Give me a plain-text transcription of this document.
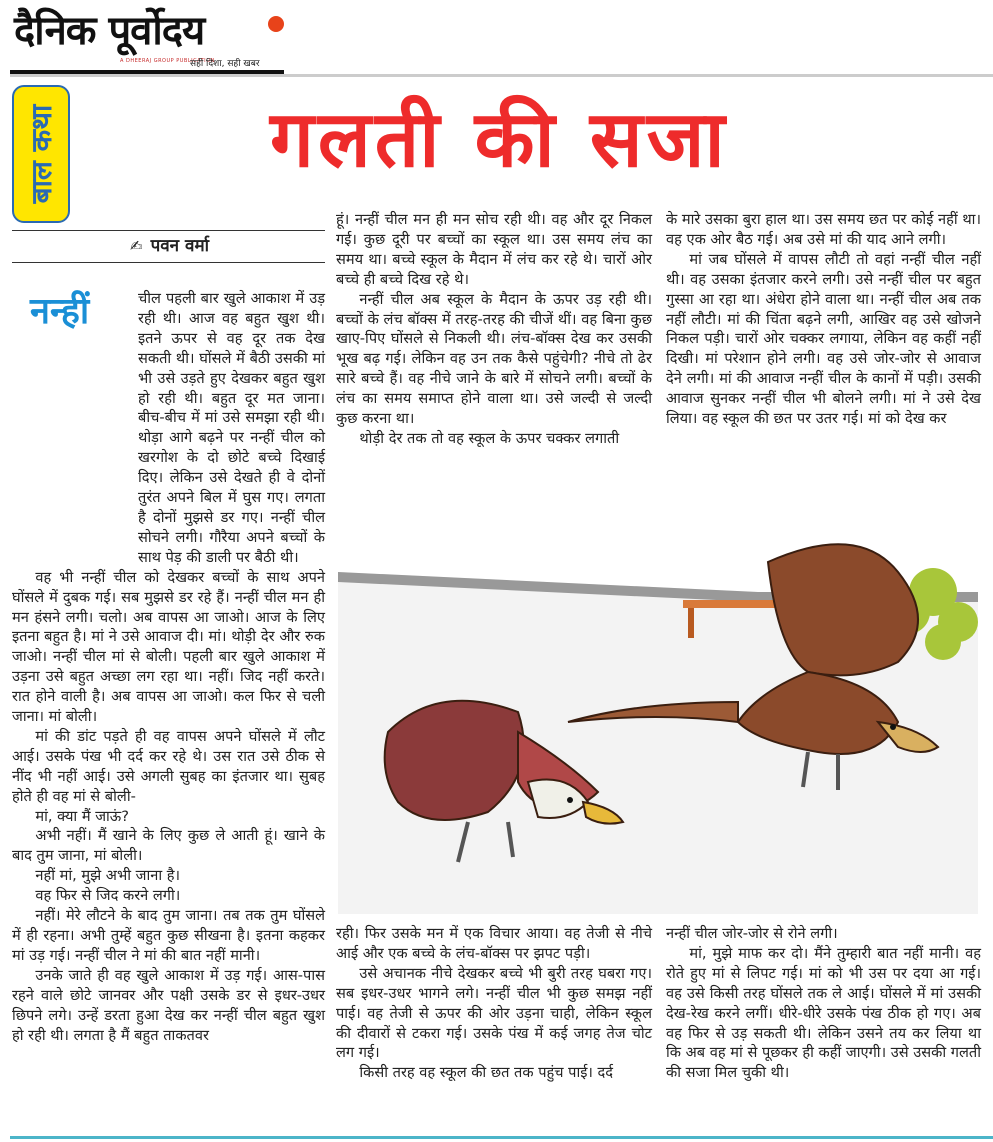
दैनिक पूर्वोदय
A DHEERAJ GROUP PUBLICATION
सही दिशा, सही खबर
बाल कथा	गलती की सजा
✍ पवन वर्मा
नन्हीं	चील पहली बार खुले आकाश में उड़ रही थी। आज वह बहुत खुश थी। इतने ऊपर से वह दूर तक देख सकती थी। घोंसले में बैठी उसकी मां भी उसे उड़ते हुए देखकर बहुत खुश हो रही थी। बहुत दूर मत जाना। बीच-बीच में मां उसे समझा रही थी। थोड़ा आगे बढ़ने पर नन्हीं चील को खरगोश के दो छोटे बच्चे दिखाई दिए। लेकिन उसे देखते ही वे दोनों तुरंत अपने बिल में घुस गए। लगता है दोनों मुझसे डर गए। नन्हीं चील सोचने लगी। गौरैया अपने बच्चों के साथ पेड़ की डाली पर बैठी थी।

वह भी नन्हीं चील को देखकर बच्चों के साथ अपने घोंसले में दुबक गई। सब मुझसे डर रहे हैं। नन्हीं चील मन ही मन हंसने लगी। चलो। अब वापस आ जाओ। आज के लिए इतना बहुत है। मां ने उसे आवाज दी। मां। थोड़ी देर और रुक जाओ। नन्हीं चील मां से बोली। पहली बार खुले आकाश में उड़ना उसे बहुत अच्छा लग रहा था। नहीं। जिद नहीं करते। रात होने वाली है। अब वापस आ जाओ। कल फिर से चली जाना। मां बोली।

मां की डांट पड़ते ही वह वापस अपने घोंसले में लौट आई। उसके पंख भी दर्द कर रहे थे। उस रात उसे ठीक से नींद भी नहीं आई। उसे अगली सुबह का इंतजार था। सुबह होते ही वह मां से बोली-

मां, क्या मैं जाऊं?

अभी नहीं। मैं खाने के लिए कुछ ले आती हूं। खाने के बाद तुम जाना, मां बोली।

नहीं मां, मुझे अभी जाना है।

वह फिर से जिद करने लगी।

नहीं। मेरे लौटने के बाद तुम जाना। तब तक तुम घोंसले में ही रहना। अभी तुम्हें बहुत कुछ सीखना है। इतना कहकर मां उड़ गई। नन्हीं चील ने मां की बात नहीं मानी।

उनके जाते ही वह खुले आकाश में उड़ गई। आस-पास रहने वाले छोटे जानवर और पक्षी उसके डर से इधर-उधर छिपने लगे। उन्हें डरता हुआ देख कर नन्हीं चील बहुत खुश हो रही थी। लगता है मैं बहुत ताकतवर

हूं। नन्हीं चील मन ही मन सोच रही थी। वह और दूर निकल गई। कुछ दूरी पर बच्चों का स्कूल था। उस समय लंच का समय था। बच्चे स्कूल के मैदान में लंच कर रहे थे। चारों ओर बच्चे ही बच्चे दिख रहे थे।

नन्हीं चील अब स्कूल के मैदान के ऊपर उड़ रही थी। बच्चों के लंच बॉक्स में तरह-तरह की चीजें थीं। वह बिना कुछ खाए-पिए घोंसले से निकली थी। लंच-बॉक्स देख कर उसकी भूख बढ़ गई। लेकिन वह उन तक कैसे पहुंचेगी? नीचे तो ढेर सारे बच्चे हैं। वह नीचे जाने के बारे में सोचने लगी। बच्चों के लंच का समय समाप्त होने वाला था। उसे जल्दी से जल्दी कुछ करना था।

थोड़ी देर तक तो वह स्कूल के ऊपर चक्कर लगाती

के मारे उसका बुरा हाल था। उस समय छत पर कोई नहीं था। वह एक ओर बैठ गई। अब उसे मां की याद आने लगी।

मां जब घोंसले में वापस लौटी तो वहां नन्हीं चील नहीं थी। वह उसका इंतजार करने लगी। उसे नन्हीं चील पर बहुत गुस्सा आ रहा था। अंधेरा होने वाला था। नन्हीं चील अब तक नहीं लौटी। मां की चिंता बढ़ने लगी, आखिर वह उसे खोजने निकल पड़ी। चारों ओर चक्कर लगाया, लेकिन वह कहीं नहीं दिखी। मां परेशान होने लगी। वह उसे जोर-जोर से आवाज देने लगी। मां की आवाज नन्हीं चील के कानों में पड़ी। उसकी आवाज सुनकर नन्हीं चील भी बोलने लगी। मां ने उसे देख लिया। वह स्कूल की छत पर उतर गई। मां को देख कर

रही। फिर उसके मन में एक विचार आया। वह तेजी से नीचे आई और एक बच्चे के लंच-बॉक्स पर झपट पड़ी।

उसे अचानक नीचे देखकर बच्चे भी बुरी तरह घबरा गए। सब इधर-उधर भागने लगे। नन्हीं चील भी कुछ समझ नहीं पाई। वह तेजी से ऊपर की ओर उड़ना चाही, लेकिन स्कूल की दीवारों से टकरा गई। उसके पंख में कई जगह तेज चोट लग गई।

किसी तरह वह स्कूल की छत तक पहुंच पाई। दर्द

नन्हीं चील जोर-जोर से रोने लगी।

मां, मुझे माफ कर दो। मैंने तुम्हारी बात नहीं मानी। वह रोते हुए मां से लिपट गई। मां को भी उस पर दया आ गई। वह उसे किसी तरह घोंसले तक ले आई। घोंसले में मां उसकी देख-रेख करने लगीं। धीरे-धीरे उसके पंख ठीक हो गए। अब वह फिर से उड़ सकती थी। लेकिन उसने तय कर लिया था कि अब वह मां से पूछकर ही कहीं जाएगी। उसे उसकी गलती की सजा मिल चुकी थी।
